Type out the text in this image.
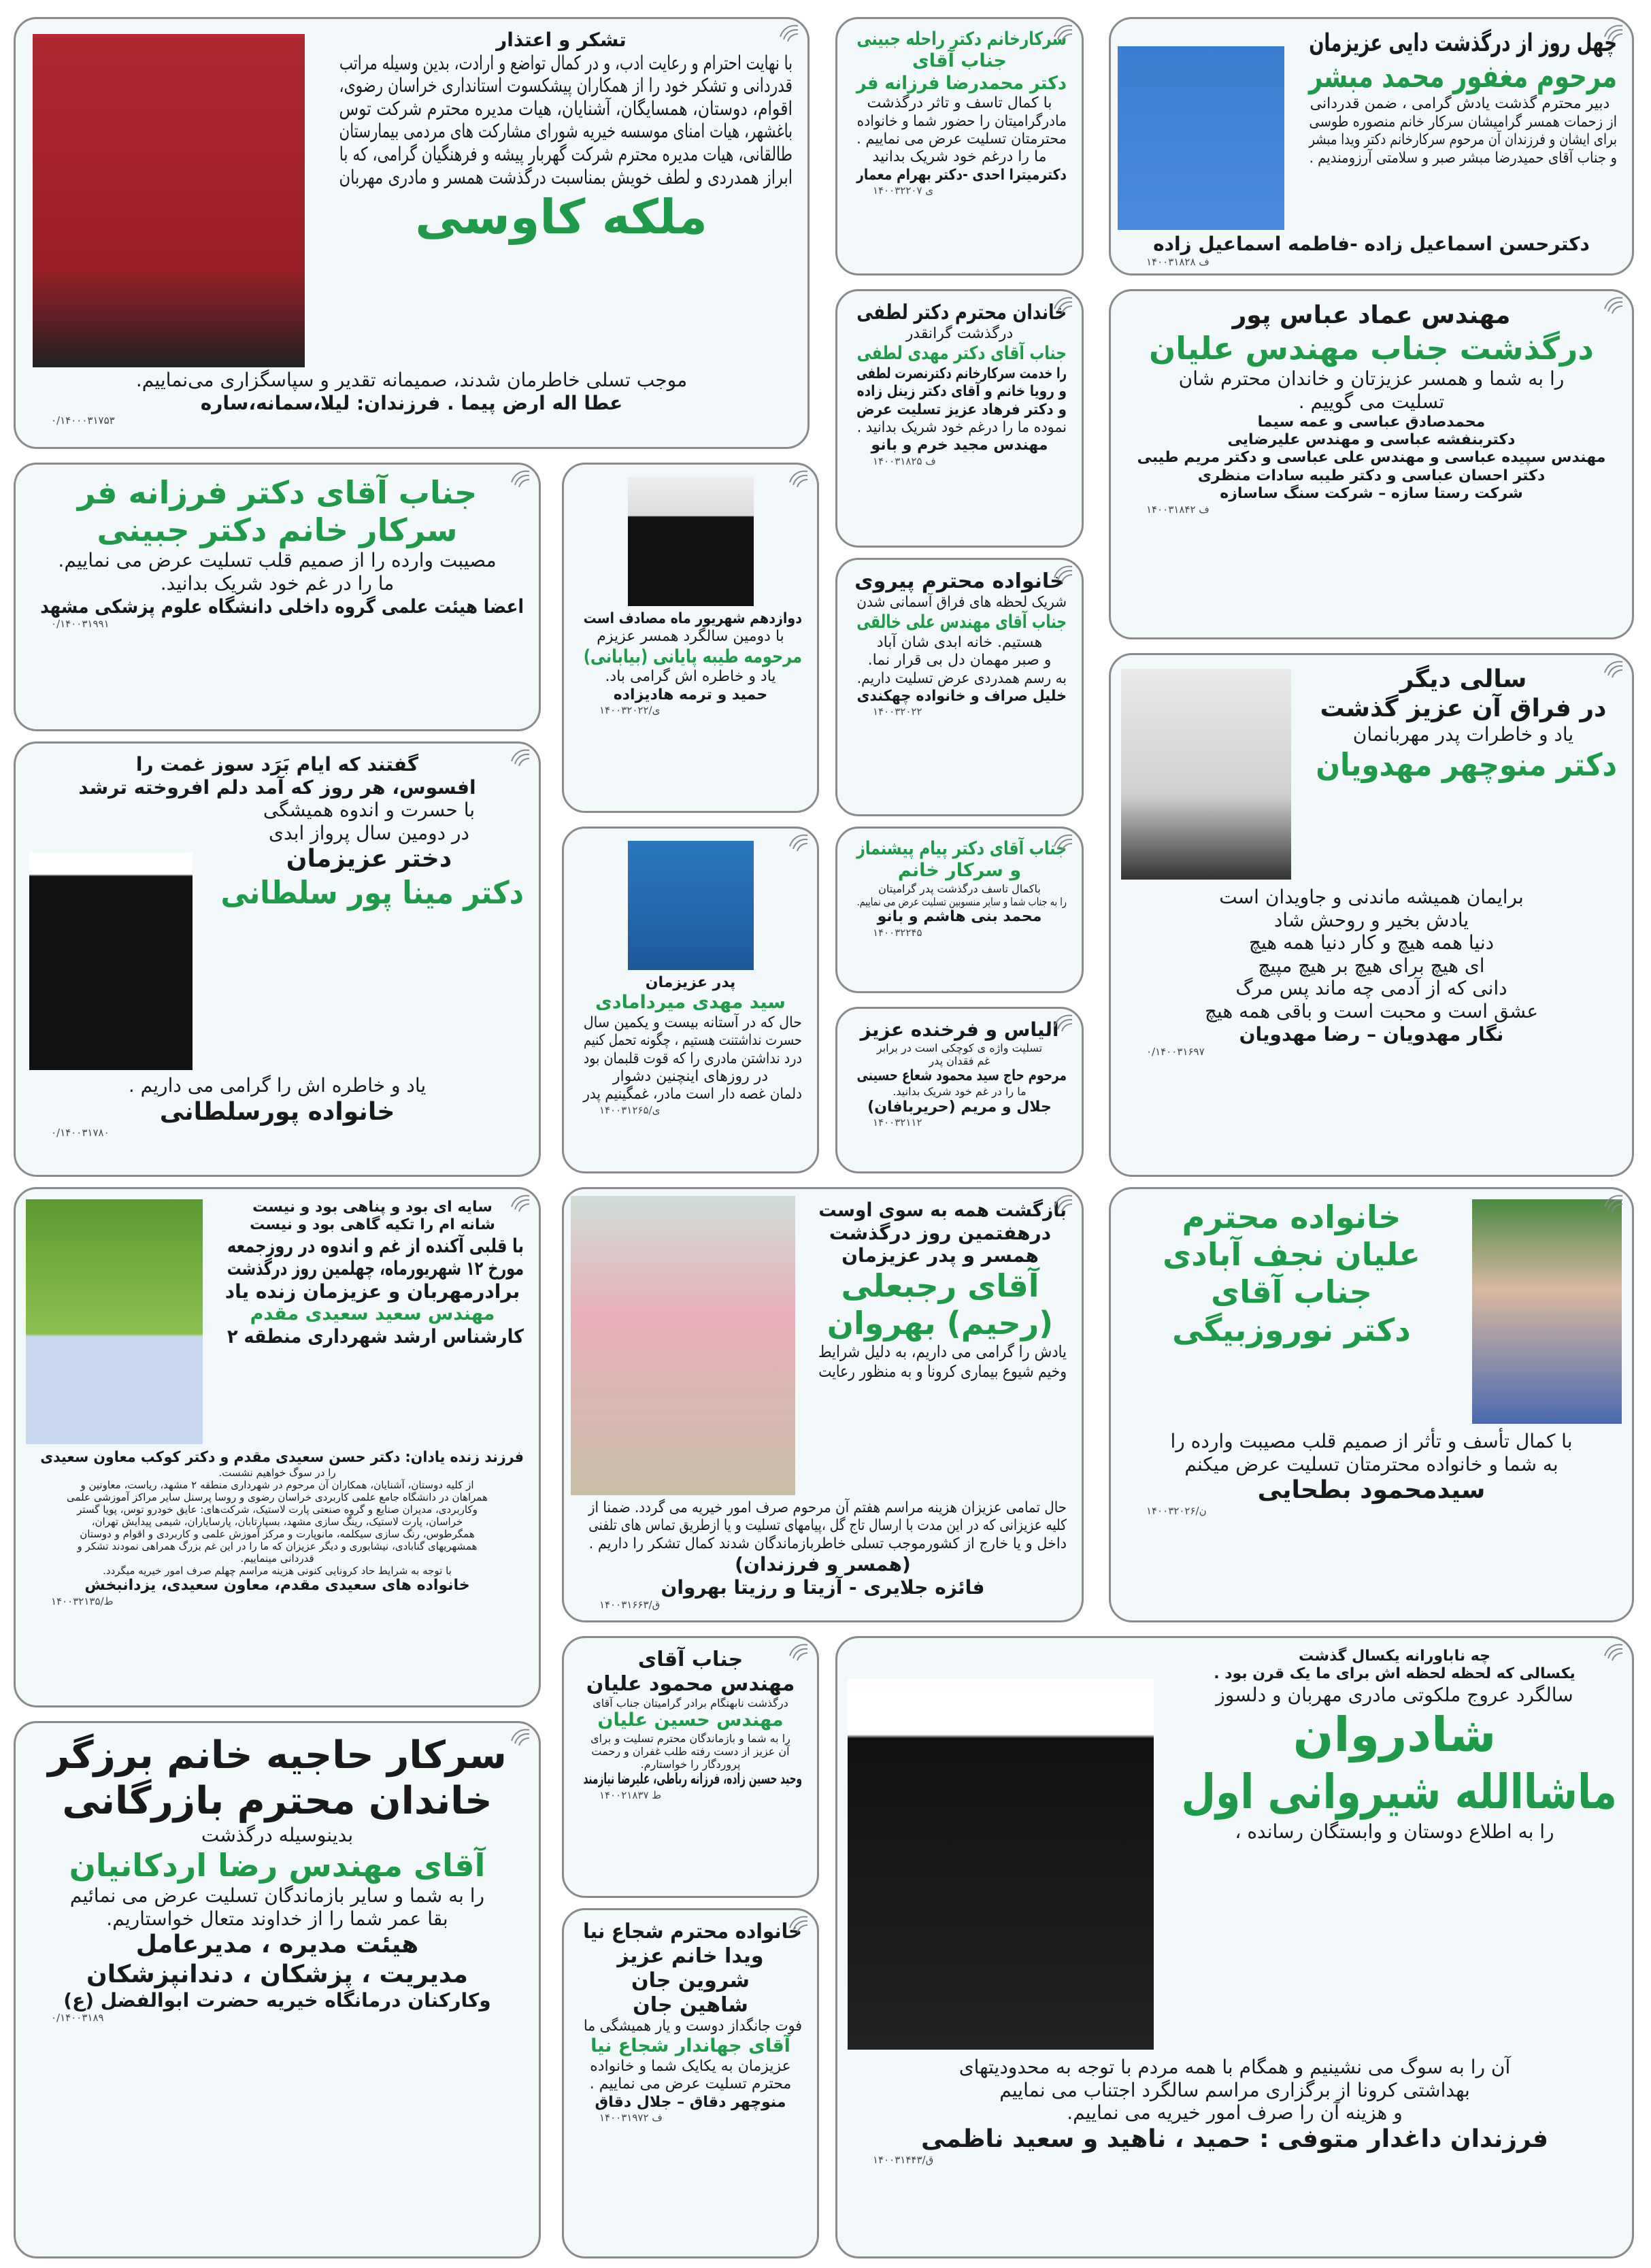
تشکر و اعتذار
با نهایت احترام و رعایت ادب، و در کمال تواضع و ارادت، بدین وسیله مراتب
قدردانی و تشکر خود را از همکاران پیشکسوت استانداری خراسان رضوی،
اقوام، دوستان، همسایگان، آشنایان، هیات مدیره محترم شرکت توس
باغشهر، هیات امنای موسسه خیریه شورای مشارکت های مردمی بیمارستان
طالقانی، هیات مدیره محترم شرکت گهربار پیشه و فرهنگیان گرامی، که با
ابراز همدردی و لطف خویش بمناسبت درگذشت همسر و مادری مهربان
ملکه کاوسی
موجب تسلی خاطرمان شدند، صمیمانه تقدیر و سپاسگزاری می‌نماییم.
عطا اله ارض پیما . فرزندان: لیلا،سمانه،ساره
۰/۱۴۰۰۰۳۱۷۵۳
سرکارخانم دکتر راحله جبینی
جناب آقای
دکتر محمدرضا فرزانه فر
با کمال تاسف و تاثر درگذشت
مادرگرامیتان را حضور شما و خانواده
محترمتان تسلیت عرض می نماییم .
ما را درغم خود شریک بدانید
دکترمیترا احدی -دکتر بهرام معمار
ی ۱۴۰۰۳۲۲۰۷
چهل روز از درگذشت دایی عزیزمان
مرحوم مغفور محمد مبشر
دبیر محترم گذشت یادش گرامی ، ضمن قدردانی
از زحمات همسر گرامیشان سرکار خانم منصوره طوسی
برای ایشان و فرزندان آن مرحوم سرکارخانم دکتر ویدا مبشر
و جناب آقای حمیدرضا مبشر صبر و سلامتی آرزومندیم .
دکترحسن اسماعیل زاده -فاطمه اسماعیل زاده
ف ۱۴۰۰۳۱۸۲۸
جناب آقای دکتر فرزانه فر
سرکار خانم دکتر جبینی
مصیبت وارده را از صمیم قلب تسلیت عرض می نماییم.
ما را در غم خود شریک بدانید.
اعضا هیئت علمی گروه داخلی دانشگاه علوم پزشکی مشهد
۰/۱۴۰۰۳۱۹۹۱	دوازدهم شهریور ماه مصادف است
با دومین سالگرد همسر عزیزم
مرحومه طیبه پایانی (بیابانی)
یاد و خاطره اش گرامی باد.
حمید و ترمه هادیزاده
ی/۱۴۰۰۳۲۰۲۲
خاندان محترم دکتر لطفی
درگذشت گرانقدر
جناب آقای دکتر مهدی لطفی
را خدمت سرکارخانم دکترنصرت لطفی
و رویا خانم و آقای دکتر زینل زاده
و دکتر فرهاد عزیز تسلیت عرض
نموده ما را درغم خود شریک بدانید .
مهندس مجید خرم و بانو
ف ۱۴۰۰۳۱۸۲۵
مهندس عماد عباس پور
درگذشت جناب مهندس علیان
را به شما و همسر عزیزتان و خاندان محترم شان
تسلیت می گوییم .
محمدصادق عباسی و عمه سیما
دکتربنفشه عباسی و مهندس علیرضایی
مهندس سپیده عباسی و مهندس علی عباسی و دکتر مریم طیبی
دکتر احسان عباسی و دکتر طیبه سادات منظری
شرکت رستا سازه – شرکت سنگ ساسازه
ف ۱۴۰۰۳۱۸۴۲
گفتند که ایام بَرَد سوز غمت را
افسوس، هر روز که آمد دلم افروخته ترشد
با حسرت و اندوه همیشگی
در دومین سال پرواز ابدی
دختر عزیزمان
دکتر مینا پور سلطانی
یاد و خاطره اش را گرامی می داریم .
خانواده پورسلطانی
۰/۱۴۰۰۳۱۷۸۰
پدر عزیزمان
سید مهدی میردامادی
حال که در آستانه بیست و یکمین سال
حسرت نداشتنت هستیم ، چگونه تحمل کنیم
درد نداشتن مادری را که قوت قلبمان بود
در روزهای اینچنین دشوار
دلمان غصه دار است مادر، غمگینیم پدر
ی/۱۴۰۰۳۱۲۶۵
خانواده محترم پیروی
شریک لحظه های فراق آسمانی شدن
جناب آقای مهندس علی خالقی
هستیم. خانه ابدی شان آباد
و صبر مهمان دل بی قرار نما.
به رسم همدردی عرض تسلیت داریم.
خلیل صراف و خانواده چهکندی
۱۴۰۰۳۲۰۲۲
جناب آقای دکتر پیام پیشنماز
و سرکار خانم
باکمال تاسف درگذشت پدر گرامیتان
را به جناب شما و سایر منسوبین تسلیت عرض می نماییم.
محمد بنی هاشم و بانو
۱۴۰۰۳۲۲۴۵
الیاس و فرخنده عزیز
تسلیت واژه ی کوچکی است در برابر
غم فقدان پدر
مرحوم حاج سید محمود شعاع حسینی
ما را در غم خود شریک بدانید.
جلال و مریم (حریربافان)
۱۴۰۰۳۲۱۱۲
سالی دیگر
در فراق آن عزیز گذشت
یاد و خاطرات پدر مهربانمان
دکتر منوچهر مهدویان
برایمان همیشه ماندنی و جاویدان است
یادش بخیر و روحش شاد
دنیا همه هیچ و کار دنیا همه هیچ
ای هیچ برای هیچ بر هیچ مپیچ
دانی که از آدمی چه ماند پس مرگ
عشق است و محبت است و باقی همه هیچ
نگار مهدویان – رضا مهدویان
۰/۱۴۰۰۳۱۶۹۷
سایه ای بود و پناهی بود و نیست
شانه ام را تکیه گاهی بود و نیست
با قلبی آکنده از غم و اندوه در روزجمعه
مورخ ۱۲ شهریورماه، چهلمین روز درگذشت
برادرمهربان و عزیزمان زنده یاد
مهندس سعید سعیدی مقدم
کارشناس ارشد شهرداری منطقه ۲
فرزند زنده یادان: دکتر حسن سعیدی مقدم و دکتر کوکب معاون سعیدی
را در سوگ خواهیم نشست.
از کلیه دوستان، آشنایان، همکاران آن مرحوم در شهرداری منطقه ۲ مشهد، ریاست، معاونین و
همراهان در دانشگاه جامع علمی کاربردی خراسان رضوی و روسا پرسنل سایر مراکز آموزشی علمی
وکاربردی، مدیران صنایع و گروه صنعتی پارت لاستیک، شرکت‌های: عایق خودرو توس، پویا گستر
خراسان، پارت لاستیک، رینگ سازی مشهد، بسپارتابان، پارسایاران، شیمی پیدایش تهران،
همگرطوس، رنگ سازی سیکلمه، مانوپارت و مرکز آموزش علمی و کاربردی و اقوام و دوستان
همشهریهای گنابادی، نیشابوری و دیگر عزیزان که ما را در این غم بزرگ همراهی نمودند تشکر و
قدردانی مینماییم.
با توجه به شرایط حاد کرونایی کنونی هزینه مراسم چهلم صرف امور خیریه میگردد.
خانواده های سعیدی مقدم، معاون سعیدی، یزدانبخش
ط/۱۴۰۰۳۲۱۳۵
بازگشت همه به سوی اوست
درهفتمین روز درگذشت
همسر و پدر عزیزمان
آقای رجبعلی
(رحیم) بهروان
یادش را گرامی می داریم، به دلیل شرایط
وخیم شیوع بیماری کرونا و به منظور رعایت
حال تمامی عزیزان هزینه مراسم هفتم آن مرحوم صرف امور خیریه می گردد. ضمنا از
کلیه عزیزانی که در این مدت با ارسال تاج گل ،پیامهای تسلیت و یا ازطریق تماس های تلفنی
داخل و یا خارج از کشورموجب تسلی خاطربازماندگان شدند کمال تشکر را داریم .
(همسر و فرزندان)
فائزه جلایری - آزیتا و رزیتا بهروان
ق/۱۴۰۰۳۱۶۶۳
خانواده محترم
علیان نجف آبادی
جناب آقای
دکتر نوروزبیگی
با کمال تأسف و تأثر از صمیم قلب مصیبت وارده را
به شما و خانواده محترمتان تسلیت عرض میکنم
سیدمحمود بطحایی
ن/۱۴۰۰۳۲۰۲۶
سرکار حاجیه خانم برزگر
خاندان محترم بازرگانی
بدینوسیله درگذشت
آقای مهندس رضا اردکانیان
را به شما و سایر بازماندگان تسلیت عرض می نمائیم
بقا عمر شما را از خداوند متعال خواستاریم.
هیئت مدیره ، مدیرعامل
مدیریت ، پزشکان ، دندانپزشکان
وکارکنان درمانگاه خیریه حضرت ابوالفضل (ع)
۰/۱۴۰۰۳۱۸۹
جناب آقای
مهندس محمود علیان
درگذشت نابهنگام برادر گرامیتان جناب آقای
مهندس حسین علیان
را به شما و بازماندگان محترم تسلیت و برای
آن عزیز از دست رفته طلب غفران و رحمت
پروردگار را خواستارم.
وحید حسین زاده، فرزانه رباطی، علیرضا نیازمند
ط ۱۴۰۰۲۱۸۳۷
خانواده محترم شجاع نیا
ویدا خانم عزیز
شروین جان
شاهین جان
فوت جانگداز دوست و یار همیشگی ما
آقای جهاندار شجاع نیا
عزیزمان به یکایک شما و خانواده
محترم تسلیت عرض می نماییم .
منوچهر دقاق – جلال دقاق
ف ۱۴۰۰۳۱۹۷۲
چه ناباورانه یکسال گذشت
یکسالی که لحظه لحظه اش برای ما یک قرن بود .
سالگرد عروج ملکوتی مادری مهربان و دلسوز
شادروان
ماشاالله شیروانی اول
را به اطلاع دوستان و وابستگان رسانده ،
آن را به سوگ می نشینیم و همگام با همه مردم با توجه به محدودیتهای
بهداشتی کرونا از برگزاری مراسم سالگرد اجتناب می نماییم
و هزینه آن را صرف امور خیریه می نماییم.
فرزندان داغدار متوفی : حمید ، ناهید و سعید ناظمی
ق/۱۴۰۰۳۱۴۴۳
